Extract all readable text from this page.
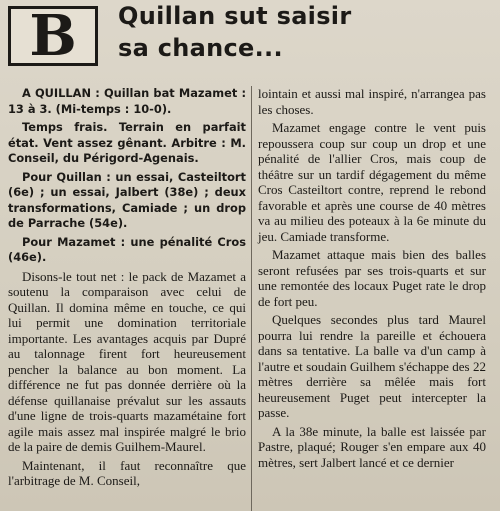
B Quillan sut saisir sa chance...

A QUILLAN : Quillan bat Mazamet : 13 à 3. (Mi-temps : 10-0).

Temps frais. Terrain en parfait état. Vent assez gênant. Arbitre : M. Conseil, du Périgord-Agenais.

Pour Quillan : un essai, Casteiltort (6e) ; un essai, Jalbert (38e) ; deux transformations, Camiade ; un drop de Parrache (54e).

Pour Mazamet : une pénalité Cros (46e).

Disons-le tout net : le pack de Mazamet a soutenu la comparaison avec celui de Quillan. Il domina même en touche, ce qui lui permit une domination territoriale importante. Les avantages acquis par Dupré au talonnage firent fort heureusement pencher la balance au bon moment. La différence ne fut pas donnée derrière où la défense quillanaise prévalut sur les assauts d'une ligne de trois-quarts mazamétaine fort agile mais assez mal inspirée malgré le brio de la paire de demis Guilhem-Maurel.

Maintenant, il faut reconnaître que l'arbitrage de M. Conseil,

lointain et aussi mal inspiré, n'arrangea pas les choses.

Mazamet engage contre le vent puis repoussera coup sur coup un drop et une pénalité de l'allier Cros, mais coup de théâtre sur un tardif dégagement du même Cros Casteiltort contre, reprend le rebond favorable et après une course de 40 mètres va au milieu des poteaux à la 6e minute du jeu. Camiade transforme.

Mazamet attaque mais bien des balles seront refusées par ses trois-quarts et sur une remontée des locaux Puget rate le drop de fort peu.

Quelques secondes plus tard Maurel pourra lui rendre la pareille et échouera dans sa tentative. La balle va d'un camp à l'autre et soudain Guilhem s'échappe des 22 mètres derrière sa mêlée mais fort heureusement Puget peut intercepter la passe.

A la 38e minute, la balle est laissée par Pastre, plaqué; Rouger s'en empare aux 40 mètres, sert Jalbert lancé et ce dernier
